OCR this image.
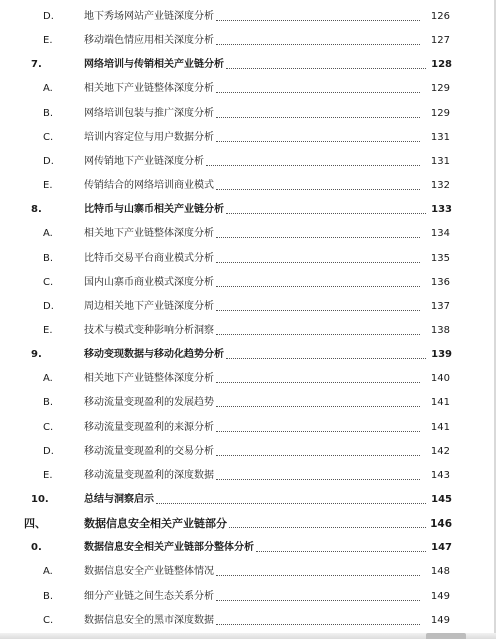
D.	地下秀场网站产业链深度分析	126
E.	移动端色情应用相关深度分析	127
7.	网络培训与传销相关产业链分析	128
A.	相关地下产业链整体深度分析	129
B.	网络培训包装与推广深度分析	129
C.	培训内容定位与用户数据分析	131
D.	网传销地下产业链深度分析	131
E.	传销结合的网络培训商业模式	132
8.	比特币与山寨币相关产业链分析	133
A.	相关地下产业链整体深度分析	134
B.	比特币交易平台商业模式分析	135
C.	国内山寨币商业模式深度分析	136
D.	周边相关地下产业链深度分析	137
E.	技术与模式变种影响分析洞察	138
9.	移动变现数据与移动化趋势分析	139
A.	相关地下产业链整体深度分析	140
B.	移动流量变现盈利的发展趋势	141
C.	移动流量变现盈利的来源分析	141
D.	移动流量变现盈利的交易分析	142
E.	移动流量变现盈利的深度数据	143
10.	总结与洞察启示	145
四、	数据信息安全相关产业链部分	146
0.	数据信息安全相关产业链部分整体分析	147
A.	数据信息安全产业链整体情况	148
B.	细分产业链之间生态关系分析	149
C.	数据信息安全的黑市深度数据	149
